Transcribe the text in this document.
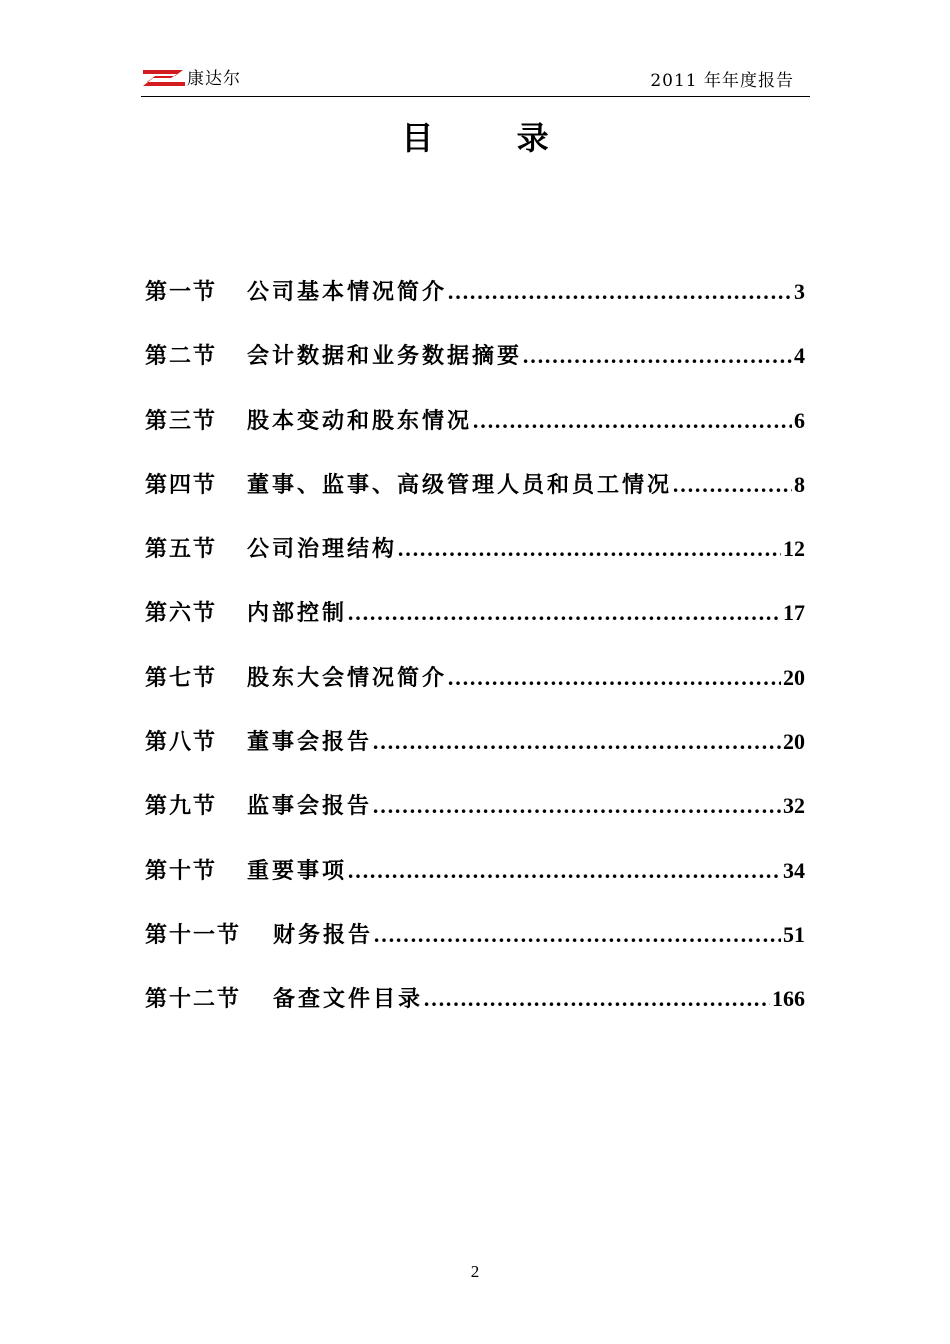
康达尔	2011 年年度报告
目 录
第一节	公司基本情况简介 ……………………………………………………………………………………………………	3
第二节	会计数据和业务数据摘要 ……………………………………………………………………………………………………	4
第三节	股本变动和股东情况 ……………………………………………………………………………………………………	6
第四节	董事、监事、高级管理人员和员工情况 ……………………………………………………………………………………………………	8
第五节	公司治理结构 ……………………………………………………………………………………………………	12
第六节	内部控制 ……………………………………………………………………………………………………	17
第七节	股东大会情况简介 ……………………………………………………………………………………………………	20
第八节	董事会报告 ……………………………………………………………………………………………………	20
第九节	监事会报告 ……………………………………………………………………………………………………	32
第十节	重要事项 ……………………………………………………………………………………………………	34
第十一节	财务报告 ……………………………………………………………………………………………………	51
第十二节	备查文件目录 ……………………………………………………………………………………………………	166
2
